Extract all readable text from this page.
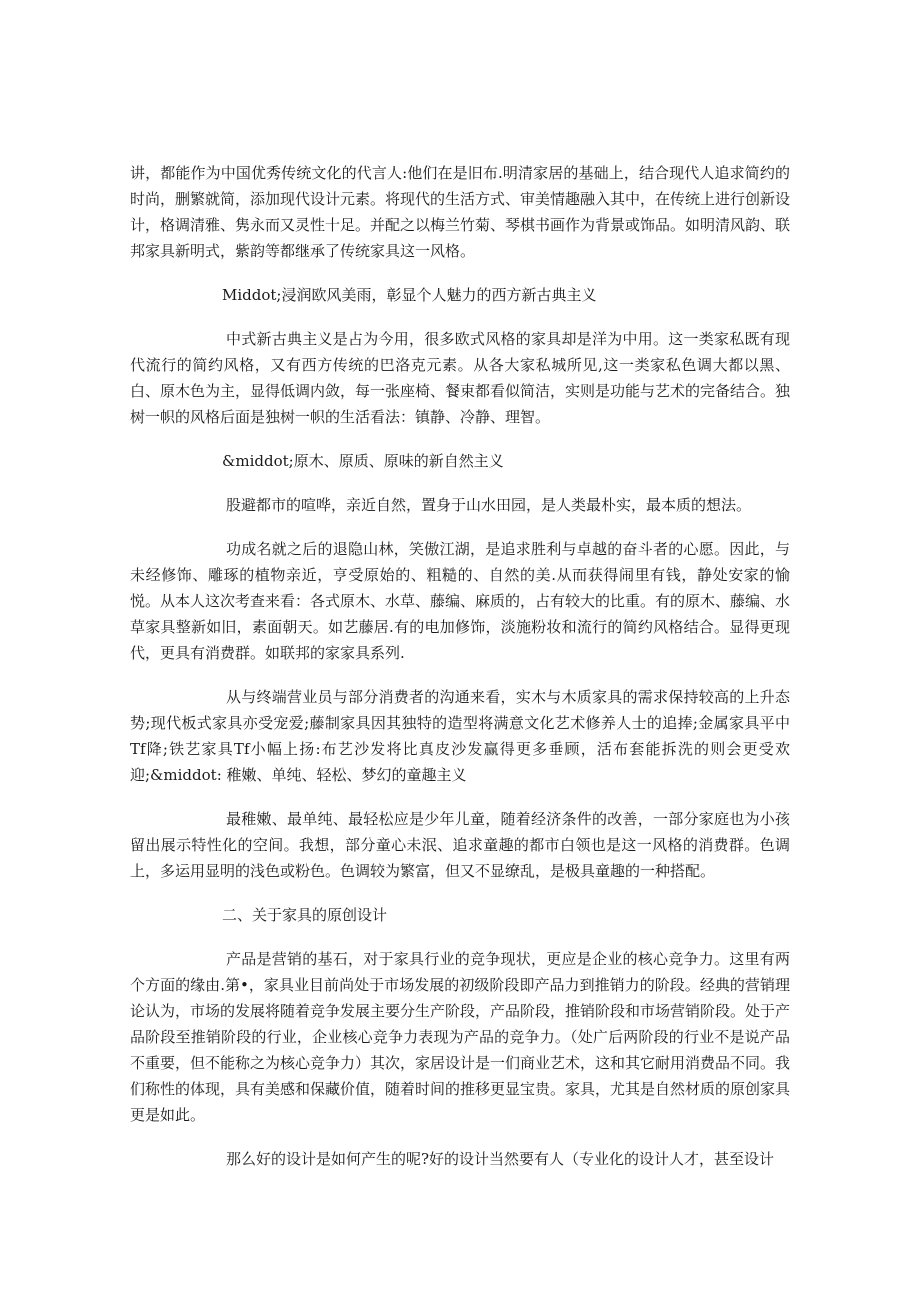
讲，都能作为中国优秀传统文化的代言人:他们在是旧布.明清家居的基础上，结合现代人追求简约的时尚，删繁就简，添加现代设计元素。将现代的生活方式、审美情趣融入其中，在传统上进行创新设计，格调清雅、隽永而又灵性十足。并配之以梅兰竹菊、琴棋书画作为背景或饰品。如明清风韵、联邦家具新明式，紫韵等都继承了传统家具这一风格。

Middot;浸润欧风美雨，彰显个人魅力的西方新古典主义

中式新古典主义是占为今用，很多欧式风格的家具却是洋为中用。这一类家私既有现代流行的简约风格，又有西方传统的巴洛克元素。从各大家私城所见,这一类家私色调大都以黑、白、原木色为主，显得低调内敛，每一张座椅、餐束都看似简洁，实则是功能与艺术的完备结合。独树一帜的风格后面是独树一帜的生活看法：镇静、冷静、理智。

&middot;原木、原质、原味的新自然主义

股避都市的喧哗，亲近自然，置身于山水田园，是人类最朴实，最本质的想法。

功成名就之后的退隐山林，笑傲江湖，是追求胜利与卓越的奋斗者的心愿。因此，与未经修饰、雕琢的植物亲近，亨受原始的、粗糙的、自然的美.从而获得闹里有钱，静处安家的愉悦。从本人这次考查来看：各式原木、水草、藤编、麻质的，占有较大的比重。有的原木、藤编、水草家具整新如旧，素面朝天。如艺藤居.有的电加修饰，淡施粉妆和流行的简约风格结合。显得更现代，更具有消费群。如联邦的家家具系列.

从与终端营业员与部分消费者的沟通来看，实木与木质家具的需求保持较高的上升态势;现代板式家具亦受宠爱;藤制家具因其独特的造型将满意文化艺术修养人士的追捧;金属家具平中Tf降;铁艺家具Tf小幅上扬:布艺沙发将比真皮沙发赢得更多垂顾，活布套能拆洗的则会更受欢迎;&middot: 稚嫩、单纯、轻松、梦幻的童趣主义

最稚嫩、最单纯、最轻松应是少年儿童，随着经济条件的改善，一部分家庭也为小孩留出展示特性化的空间。我想，部分童心未泯、追求童趣的都市白领也是这一风格的消费群。色调上，多运用显明的浅色或粉色。色调较为繁富，但又不显缭乱，是极具童趣的一种搭配。

二、关于家具的原创设计

产品是营销的基石，对于家具行业的竞争现状，更应是企业的核心竞争力。这里有两个方面的缘由.第•，家具业目前尚处于市场发展的初级阶段即产品力到推销力的阶段。经典的营销理论认为，市场的发展将随着竞争发展主要分生产阶段，产品阶段，推销阶段和市场营销阶段。处于产品阶段至推销阶段的行业，企业核心竞争力表现为产品的竞争力。（处广后两阶段的行业不是说产品不重要，但不能称之为核心竞争力）其次，家居设计是一们商业艺术，这和其它耐用消费品不同。我们称性的体现，具有美感和保藏价值，随着时间的推移更显宝贵。家具，尤其是自然材质的原创家具更是如此。

那么好的设计是如何产生的呢?好的设计当然要有人（专业化的设计人才，甚至设计
